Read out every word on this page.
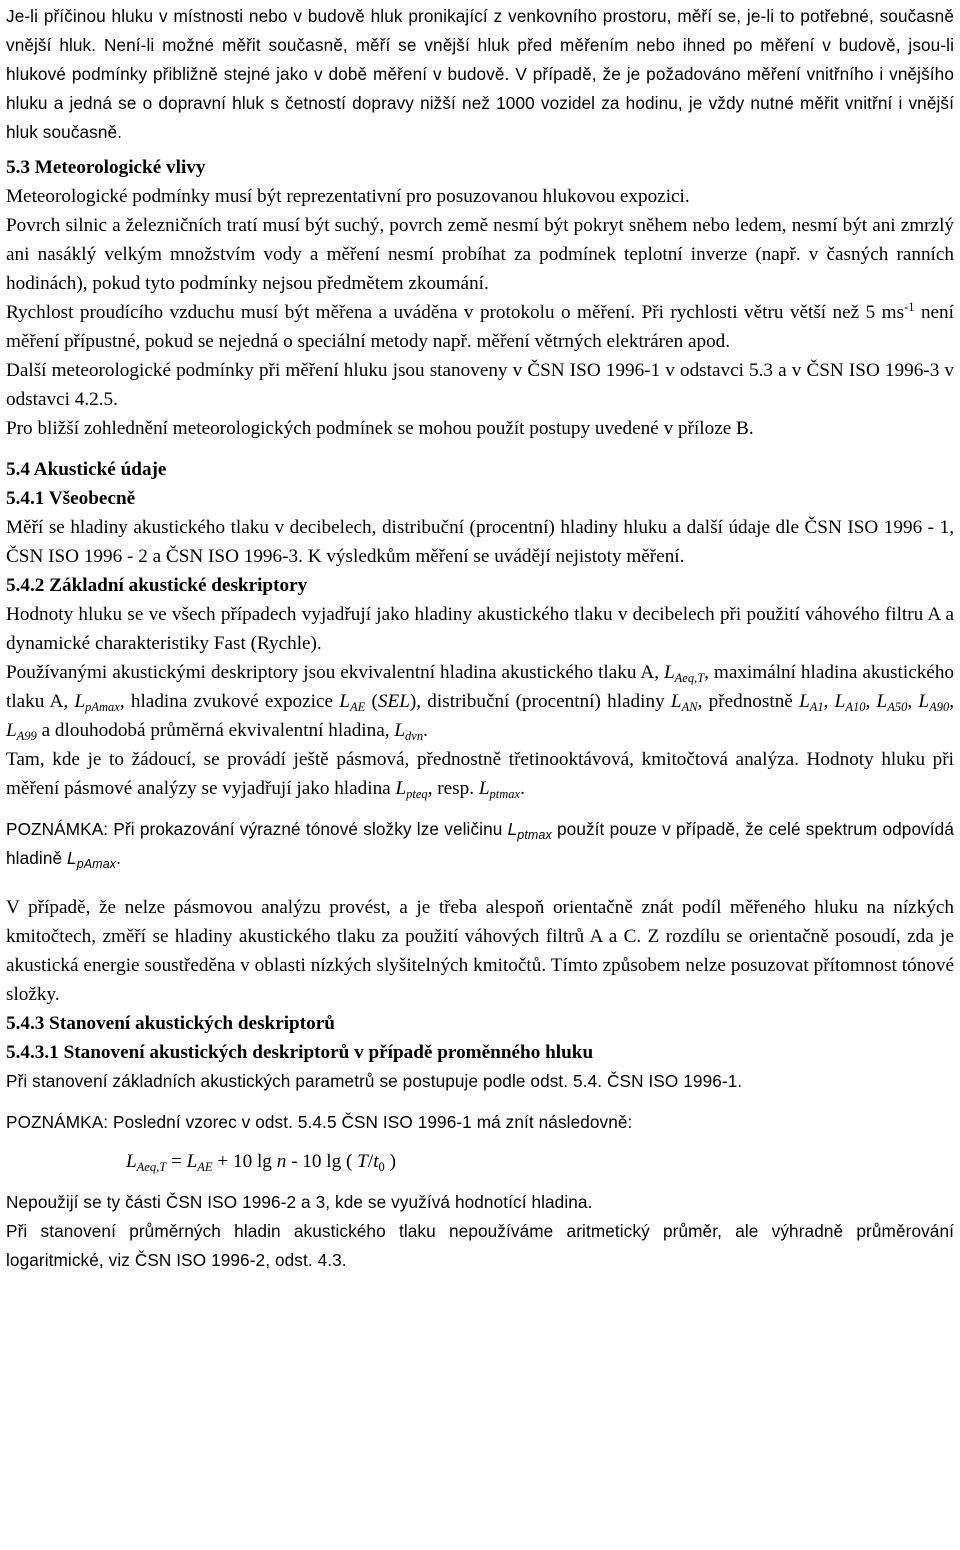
Je-li příčinou hluku v místnosti nebo v budově hluk pronikající z venkovního prostoru, měří se, je-li to potřebné, současně vnější hluk. Není-li možné měřit současně, měří se vnější hluk před měřením nebo ihned po měření v budově, jsou-li hlukové podmínky přibližně stejné jako v době měření v budově. V případě, že je požadováno měření vnitřního i vnějšího hluku a jedná se o dopravní hluk s četností dopravy nižší než 1000 vozidel za hodinu, je vždy nutné měřit vnitřní i vnější hluk současně.

5.3 Meteorologické vlivy

Meteorologické podmínky musí být reprezentativní pro posuzovanou hlukovou expozici.

Povrch silnic a železničních tratí musí být suchý, povrch země nesmí být pokryt sněhem nebo ledem, nesmí být ani zmrzlý ani nasáklý velkým množstvím vody a měření nesmí probíhat za podmínek teplotní inverze (např. v časných ranních hodinách), pokud tyto podmínky nejsou předmětem zkoumání.

Rychlost proudícího vzduchu musí být měřena a uváděna v protokolu o měření. Při rychlosti větru větší než 5 $ms^{-1}$ není měření přípustné, pokud se nejedná o speciální metody např. měření větrných elektráren apod.

Další meteorologické podmínky při měření hluku jsou stanoveny v ČSN ISO 1996-1 v odstavci 5.3 a v ČSN ISO 1996-3 v odstavci 4.2.5.

Pro bližší zohlednění meteorologických podmínek se mohou použít postupy uvedené v příloze B.

5.4 Akustické údaje
5.4.1 Všeobecně

Měří se hladiny akustického tlaku v decibelech, distribuční (procentní) hladiny hluku a další údaje dle ČSN ISO 1996 - 1, ČSN ISO 1996 - 2 a ČSN ISO 1996-3. K výsledkům měření se uvádějí nejistoty měření.

5.4.2 Základní akustické deskriptory

Hodnoty hluku se ve všech případech vyjadřují jako hladiny akustického tlaku v decibelech při použití váhového filtru A a dynamické charakteristiky Fast (Rychle).

Používanými akustickými deskriptory jsou ekvivalentní hladina akustického tlaku A, $L_{Aeq,T}$, maximální hladina akustického tlaku A, $L_{pAmax}$, hladina zvukové expozice $L_{AE}$ (SEL), distribuční (procentní) hladiny $L_{AN}$, přednostně $L_{A1}$, $L_{A10}$, $L_{A50}$, $L_{A90}$, $L_{A99}$ a dlouhodobá průměrná ekvivalentní hladina, $L_{dvn}$.

Tam, kde je to žádoucí, se provádí ještě pásmová, přednostně třetinooktávová, kmitočtová analýza. Hodnoty hluku při měření pásmové analýzy se vyjadřují jako hladina $L_{pteq}$, resp. $L_{ptmax}$.

POZNÁMKA: Při prokazování výrazné tónové složky lze veličinu $L_{ptmax}$ použít pouze v případě, že celé spektrum odpovídá hladině $L_{pAmax}$.

V případě, že nelze pásmovou analýzu provést, a je třeba alespoň orientačně znát podíl měřeného hluku na nízkých kmitočtech, změří se hladiny akustického tlaku za použití váhových filtrů A a C. Z rozdílu se orientačně posoudí, zda je akustická energie soustředěna v oblasti nízkých slyšitelných kmitočtů. Tímto způsobem nelze posuzovat přítomnost tónové složky.

5.4.3 Stanovení akustických deskriptorů
5.4.3.1 Stanovení akustických deskriptorů v případě proměnného hluku

Při stanovení základních akustických parametrů se postupuje podle odst. 5.4. ČSN ISO 1996-1.

POZNÁMKA: Poslední vzorec v odst. 5.4.5 ČSN ISO 1996-1 má znít následovně:

$L_{Aeq,T} = L_{AE} + 10$ lg n - 10 lg ( $T/t_0$ )

Nepoužijí se ty části ČSN ISO 1996-2 a 3, kde se využívá hodnotící hladina.

Při stanovení průměrných hladin akustického tlaku nepoužíváme aritmetický průměr, ale výhradně průměrování logaritmické, viz ČSN ISO 1996-2, odst. 4.3.
